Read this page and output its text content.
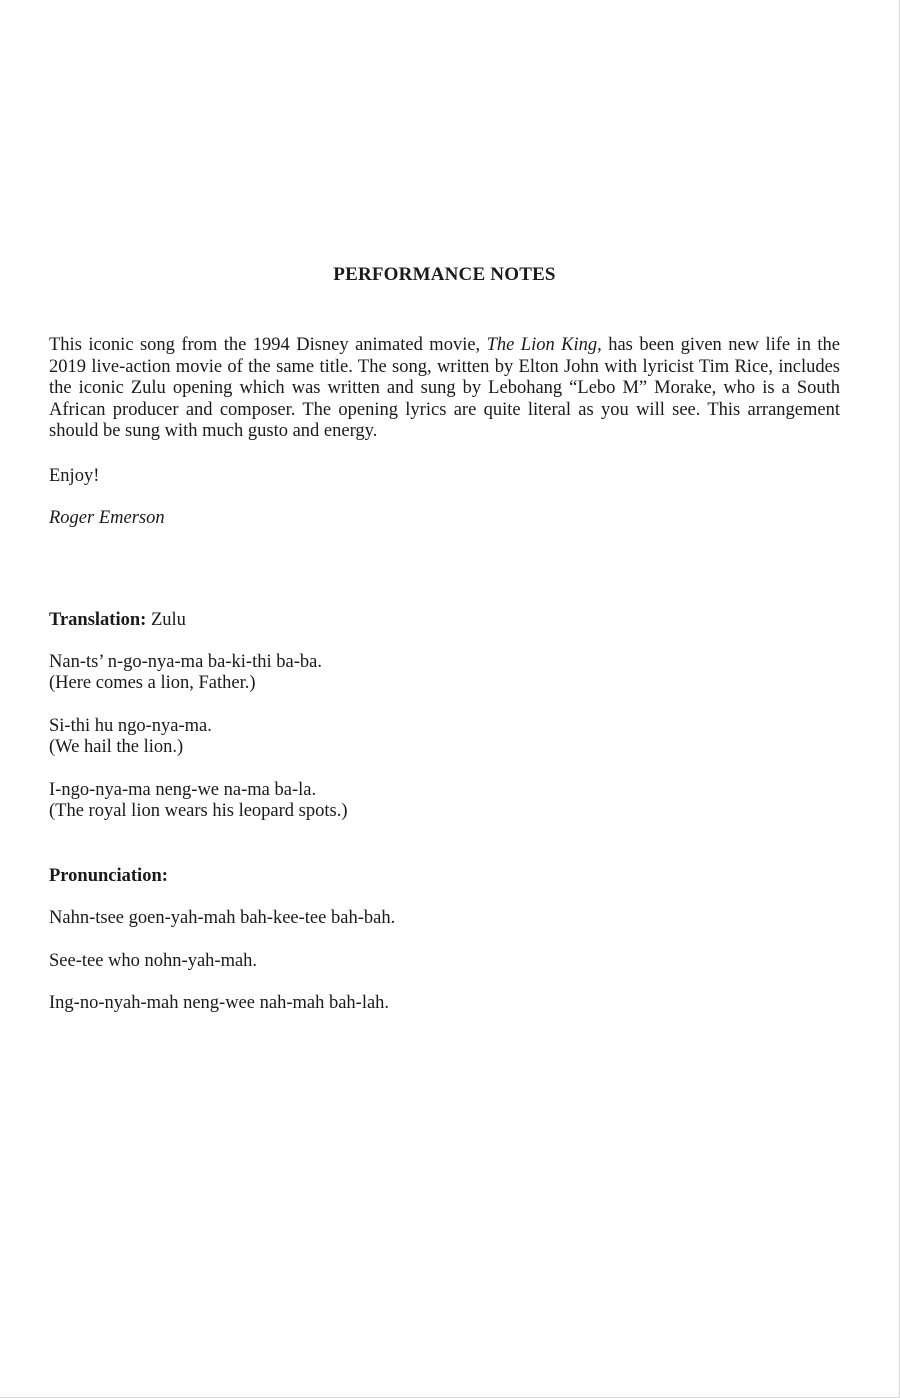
PERFORMANCE NOTES

This iconic song from the 1994 Disney animated movie, The Lion King, has been given new life in the 2019 live-action movie of the same title. The song, written by Elton John with lyricist Tim Rice, includes the iconic Zulu opening which was written and sung by Lebohang “Lebo M” Morake, who is a South African producer and composer. The opening lyrics are quite literal as you will see. This arrangement should be sung with much gusto and energy.

Enjoy!
Roger Emerson
Translation: Zulu
Nan-ts’ n-go-nya-ma ba-ki-thi ba-ba.
(Here comes a lion, Father.)
Si-thi hu ngo-nya-ma.
(We hail the lion.)
I-ngo-nya-ma neng-we na-ma ba-la.
(The royal lion wears his leopard spots.)
Pronunciation:
Nahn-tsee goen-yah-mah bah-kee-tee bah-bah.
See-tee who nohn-yah-mah.
Ing-no-nyah-mah neng-wee nah-mah bah-lah.
